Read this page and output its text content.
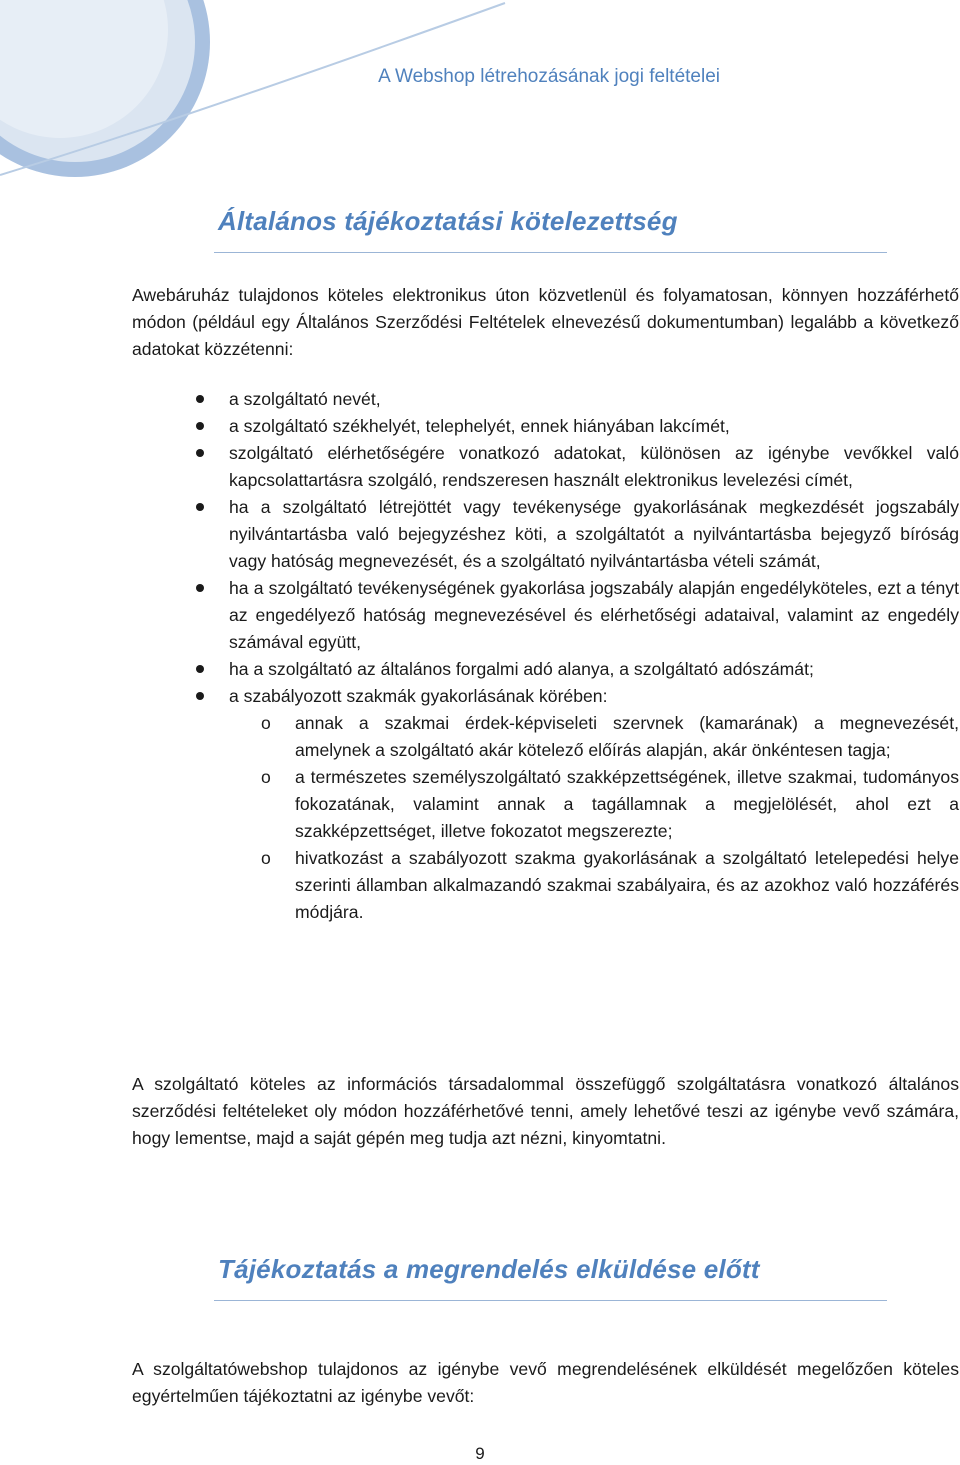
A Webshop létrehozásának jogi feltételei
Általános tájékoztatási kötelezettség

Awebáruház tulajdonos köteles elektronikus úton közvetlenül és folyamatosan, könnyen hozzáférhető módon (például egy Általános Szerződési Feltételek elnevezésű dokumentumban) legalább a következő adatokat közzétenni:

a szolgáltató nevét,
a szolgáltató székhelyét, telephelyét, ennek hiányában lakcímét,
szolgáltató elérhetőségére vonatkozó adatokat, különösen az igénybe vevőkkel való kapcsolattartásra szolgáló, rendszeresen használt elektronikus levelezési címét,
ha a szolgáltató létrejöttét vagy tevékenysége gyakorlásának megkezdését jogszabály nyilvántartásba való bejegyzéshez köti, a szolgáltatót a nyilvántartásba bejegyző bíróság vagy hatóság megnevezését, és a szolgáltató nyilvántartásba vételi számát,
ha a szolgáltató tevékenységének gyakorlása jogszabály alapján engedélyköteles, ezt a tényt az engedélyező hatóság megnevezésével és elérhetőségi adataival, valamint az engedély számával együtt,
ha a szolgáltató az általános forgalmi adó alanya, a szolgáltató adószámát;
a szabályozott szakmák gyakorlásának körében:
o annak a szakmai érdek-képviseleti szervnek (kamarának) a megnevezését, amelynek a szolgáltató akár kötelező előírás alapján, akár önkéntesen tagja;
o a természetes személyszolgáltató szakképzettségének, illetve szakmai, tudományos fokozatának, valamint annak a tagállamnak a megjelölését, ahol ezt a szakképzettséget, illetve fokozatot megszerezte;
o hivatkozást a szabályozott szakma gyakorlásának a szolgáltató letelepedési helye szerinti államban alkalmazandó szakmai szabályaira, és az azokhoz való hozzáférés módjára.

A szolgáltató köteles az információs társadalommal összefüggő szolgáltatásra vonatkozó általános szerződési feltételeket oly módon hozzáférhetővé tenni, amely lehetővé teszi az igénybe vevő számára, hogy lementse, majd a saját gépén meg tudja azt nézni, kinyomtatni.

Tájékoztatás a megrendelés elküldése előtt

A szolgáltatówebshop tulajdonos az igénybe vevő megrendelésének elküldését megelőzően köteles egyértelműen tájékoztatni az igénybe vevőt:

9
